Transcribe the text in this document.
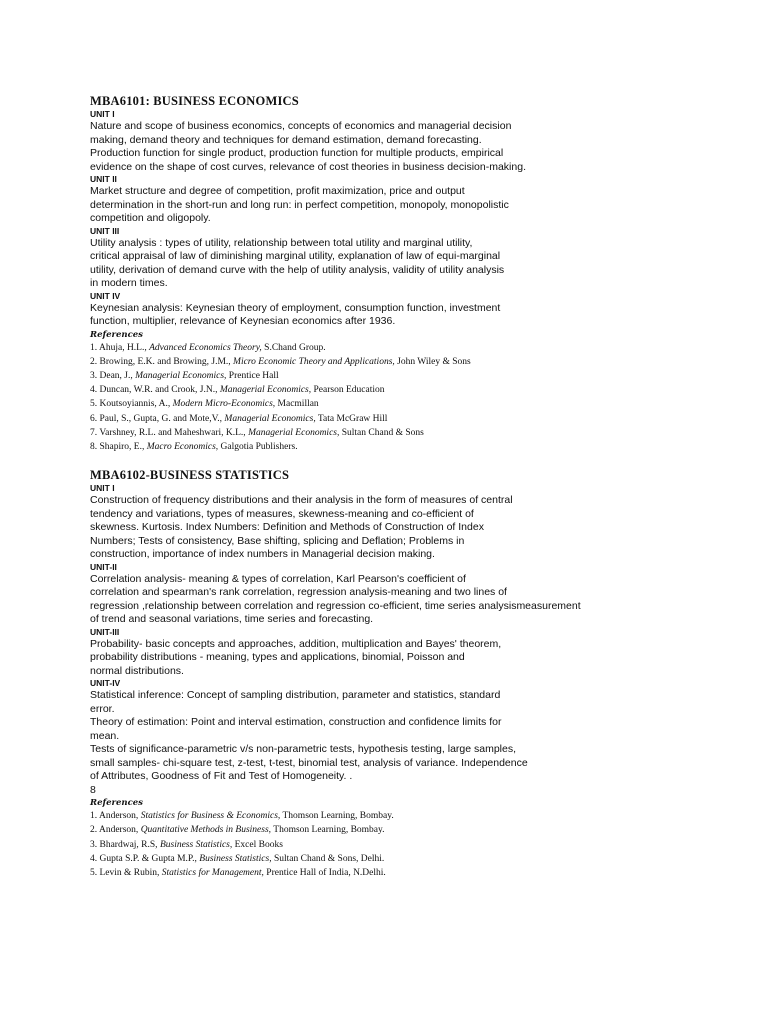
MBA6101: BUSINESS ECONOMICS
UNIT I

Nature and scope of business economics, concepts of economics and managerial decision
making, demand theory and techniques for demand estimation, demand forecasting.
Production function for single product, production function for multiple products, empirical
evidence on the shape of cost curves, relevance of cost theories in business decision-making.

UNIT II

Market structure and degree of competition, profit maximization, price and output
determination in the short-run and long run: in perfect competition, monopoly, monopolistic
competition and oligopoly.

UNIT III

Utility analysis : types of utility, relationship between total utility and marginal utility,
critical appraisal of law of diminishing marginal utility, explanation of law of equi-marginal
utility, derivation of demand curve with the help of utility analysis, validity of utility analysis
in modern times.

UNIT IV

Keynesian analysis: Keynesian theory of employment, consumption function, investment
function, multiplier, relevance of Keynesian economics after 1936.

References
1. Ahuja, H.L., Advanced Economics Theory, S.Chand Group.
2. Browing, E.K. and Browing, J.M., Micro Economic Theory and Applications, John Wiley & Sons
3. Dean, J., Managerial Economics, Prentice Hall
4. Duncan, W.R. and Crook, J.N., Managerial Economics, Pearson Education
5. Koutsoyiannis, A., Modern Micro-Economics, Macmillan
6. Paul, S., Gupta, G. and Mote,V., Managerial Economics, Tata McGraw Hill
7. Varshney, R.L. and Maheshwari, K.L., Managerial Economics, Sultan Chand & Sons
8. Shapiro, E., Macro Economics, Galgotia Publishers.
MBA6102-BUSINESS STATISTICS
UNIT I

Construction of frequency distributions and their analysis in the form of measures of central
tendency and variations, types of measures, skewness-meaning and co-efficient of
skewness. Kurtosis. Index Numbers: Definition and Methods of Construction of Index
Numbers; Tests of consistency, Base shifting, splicing and Deflation; Problems in
construction, importance of index numbers in Managerial decision making.

UNIT-II

Correlation analysis- meaning & types of correlation, Karl Pearson's coefficient of
correlation and spearman's rank correlation, regression analysis-meaning and two lines of
regression ,relationship between correlation and regression co-efficient, time series analysismeasurement
of trend and seasonal variations, time series and forecasting.

UNIT-III

Probability- basic concepts and approaches, addition, multiplication and Bayes' theorem,
probability distributions - meaning, types and applications, binomial, Poisson and
normal distributions.

UNIT-IV

Statistical inference: Concept of sampling distribution, parameter and statistics, standard
error.
Theory of estimation: Point and interval estimation, construction and confidence limits for
mean.
Tests of significance-parametric v/s non-parametric tests, hypothesis testing, large samples,
small samples- chi-square test, z-test, t-test, binomial test, analysis of variance. Independence
of Attributes, Goodness of Fit and Test of Homogeneity. .
8

References
1. Anderson, Statistics for Business & Economics, Thomson Learning, Bombay.
2. Anderson, Quantitative Methods in Business, Thomson Learning, Bombay.
3. Bhardwaj, R.S, Business Statistics, Excel Books
4. Gupta S.P. & Gupta M.P., Business Statistics, Sultan Chand & Sons, Delhi.
5. Levin & Rubin, Statistics for Management, Prentice Hall of India, N.Delhi.
